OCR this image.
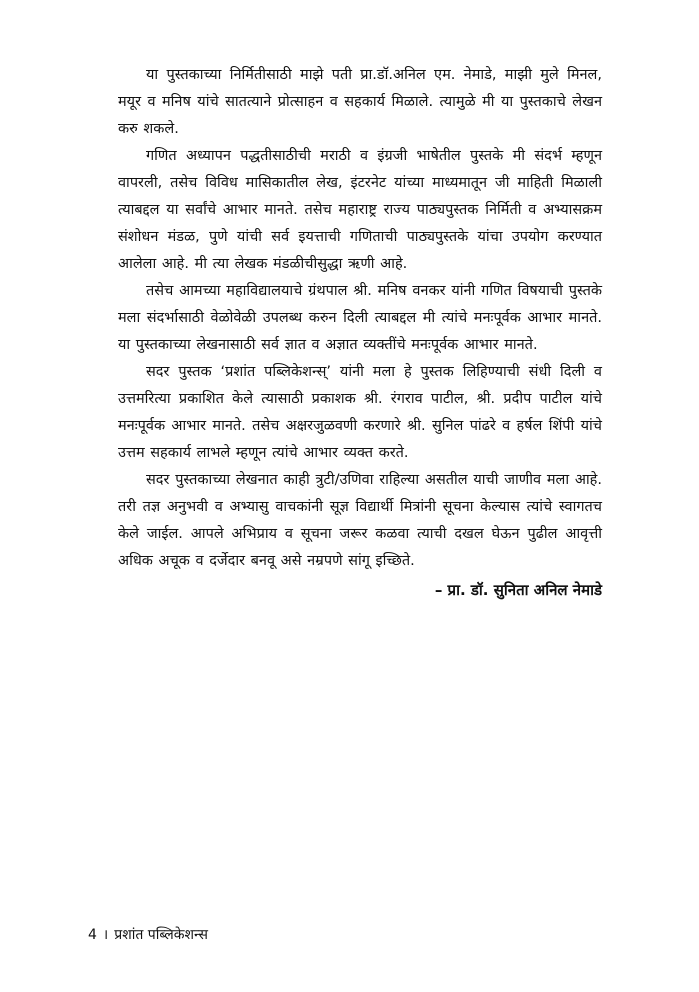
या पुस्तकाच्या निर्मितीसाठी माझे पती प्रा.डॉ.अनिल एम. नेमाडे, माझी मुले मिनल, मयूर व मनिष यांचे सातत्याने प्रोत्साहन व सहकार्य मिळाले. त्यामुळे मी या पुस्तकाचे लेखन करु शकले.

गणित अध्यापन पद्धतीसाठीची मराठी व इंग्रजी भाषेतील पुस्तके मी संदर्भ म्हणून वापरली, तसेच विविध मासिकातील लेख, इंटरनेट यांच्या माध्यमातून जी माहिती मिळाली त्याबद्दल या सर्वांचे आभार मानते. तसेच महाराष्ट्र राज्य पाठ्यपुस्तक निर्मिती व अभ्यासक्रम संशोधन मंडळ, पुणे यांची सर्व इयत्ताची गणिताची पाठ्यपुस्तके यांचा उपयोग करण्यात आलेला आहे. मी त्या लेखक मंडळीचीसुद्धा ऋणी आहे.

तसेच आमच्या महाविद्यालयाचे ग्रंथपाल श्री. मनिष वनकर यांनी गणित विषयाची पुस्तके मला संदर्भासाठी वेळोवेळी उपलब्ध करुन दिली त्याबद्दल मी त्यांचे मनःपूर्वक आभार मानते. या पुस्तकाच्या लेखनासाठी सर्व ज्ञात व अज्ञात व्यक्तींचे मनःपूर्वक आभार मानते.

सदर पुस्तक ‘प्रशांत पब्लिकेशन्स्’ यांनी मला हे पुस्तक लिहिण्याची संधी दिली व उत्तमरित्या प्रकाशित केले त्यासाठी प्रकाशक श्री. रंगराव पाटील, श्री. प्रदीप पाटील यांचे मनःपूर्वक आभार मानते. तसेच अक्षरजुळवणी करणारे श्री. सुनिल पांढरे व हर्षल शिंपी यांचे उत्तम सहकार्य लाभले म्हणून त्यांचे आभार व्यक्त करते.

सदर पुस्तकाच्या लेखनात काही त्रुटी/उणिवा राहिल्या असतील याची जाणीव मला आहे. तरी तज्ञ अनुभवी व अभ्यासु वाचकांनी सूज्ञ विद्यार्थी मित्रांनी सूचना केल्यास त्यांचे स्वागतच केले जाईल. आपले अभिप्राय व सूचना जरूर कळवा त्याची दखल घेऊन पुढील आवृत्ती अधिक अचूक व दर्जेदार बनवू असे नम्रपणे सांगू इच्छिते.

– प्रा. डॉ. सुनिता अनिल नेमाडे

4 । प्रशांत पब्लिकेशन्स
